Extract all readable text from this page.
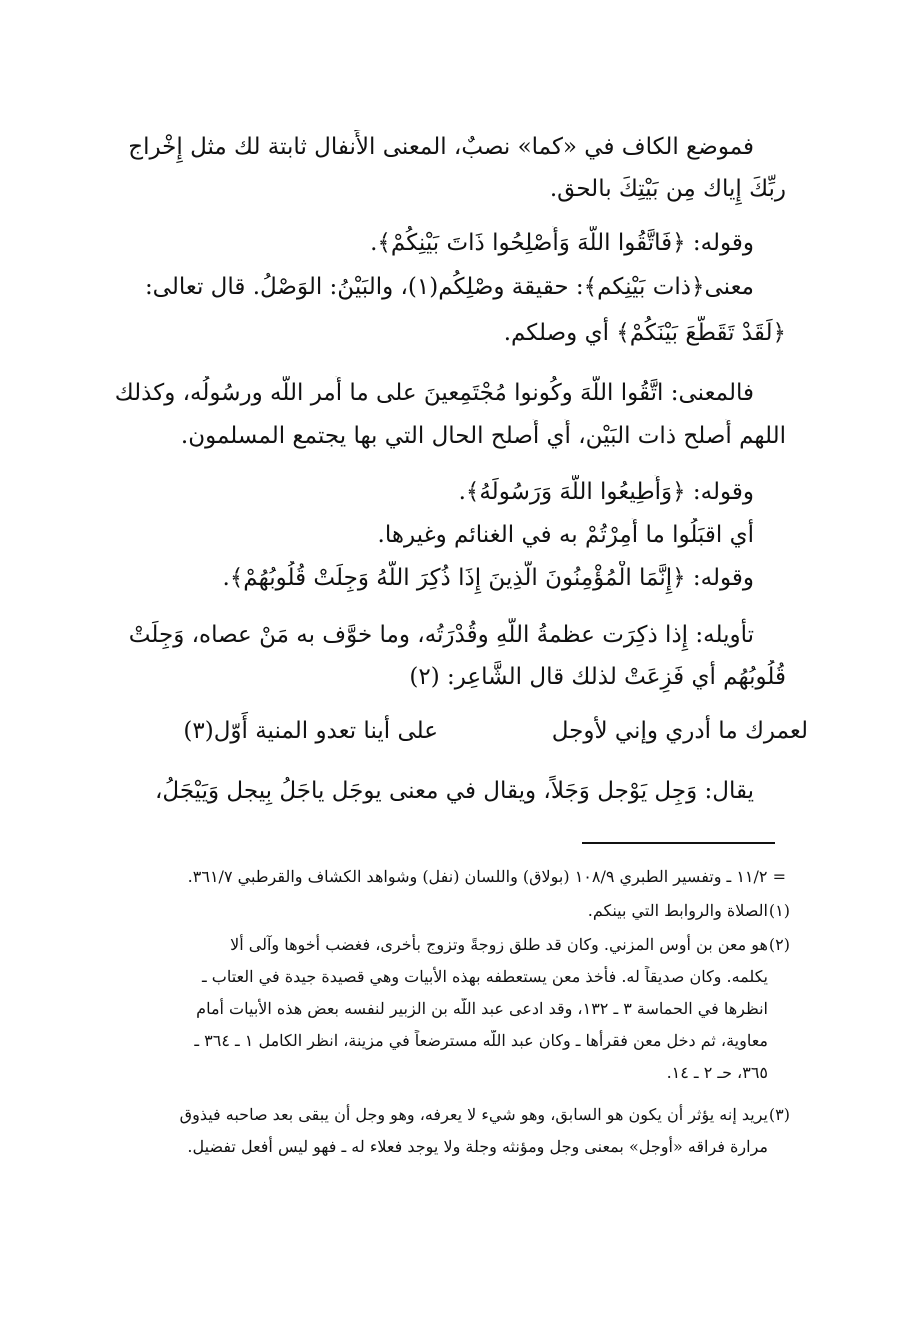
فموضع الكاف في «كما» نصبٌ، المعنى الأَنفال ثابتة لك مثل إِخْراج
ربِّكَ إِياك مِن بَيْتِكَ بالحق.
وقوله: ﴿فَاتَّقُوا اللَّهَ وَأَصْلِحُوا ذَاتَ بَيْنِكُمْ﴾.
معنى﴿ذات بَيْنِكم﴾: حقيقة وصْلِكُم(١)، والبَيْنُ: الوَصْلُ. قال تعالى:
﴿لَقَدْ تَقَطَّعَ بَيْنَكُمْ﴾ أي وصلكم.
فالمعنى: اتَّقُوا اللَّهَ وكُونوا مُجْتَمِعينَ على ما أَمر اللَّه ورسُولُه، وكذلك
اللهم أَصلح ذات البَيْن، أَي أَصلح الحال التي بها يجتمع المسلمون.
وقوله: ﴿وَأَطِيعُوا اللَّهَ وَرَسُولَهُ﴾.
أي اقبَلُوا ما أُمِرْتُمْ به في الغنائم وغيرها.
وقوله: ﴿إِنَّمَا الْمُؤْمِنُونَ الَّذِينَ إِذَا ذُكِرَ اللَّهُ وَجِلَتْ قُلُوبُهُمْ﴾.
تأْويله: إِذا ذكِرَت عظمةُ اللَّهِ وقُدْرَتُه، وما خوَّف به مَنْ عصاه، وَجِلَتْ
قُلُوبُهُم أي فَزِعَتْ لذلك قال الشَّاعِر: (٢)
لعمرك ما أدري وإني لأوجل
على أينا تعدو المنية أَوّل(٣)
يقال: وَجِل يَوْجل وَجَلاً، ويقال في معنى يوجَل ياجَلُ بِيجل وَيَيْجَلُ،
= ١١/٢ ـ وتفسير الطبري ١٠٨/٩ (بولاق) واللسان (نفل) وشواهد الكشاف والقرطبي ٣٦١/٧.
(١)
الصلاة والروابط التي بينكم.
(٢)
هو معن بن أوس المزني. وكان قد طلق زوجةً وتزوج بأخرى، فغضب أخوها وآلى ألا
يكلمه. وكان صديقاً له. فأخذ معن يستعطفه بهذه الأبيات وهي قصيدة جيدة في العتاب ـ
انظرها في الحماسة ٣ ـ ١٣٢، وقد ادعى عبد اللَّه بن الزبير لنفسه بعض هذه الأبيات أمام
معاوية، ثم دخل معن فقرأها ـ وكان عبد اللَّه مسترضعاً في مزينة، انظر الكامل ١ ـ ٣٦٤ ـ
٣٦٥، حـ ٢ ـ ١٤.
(٣)
يريد إنه يؤثر أن يكون هو السابق، وهو شيء لا يعرفه، وهو وجل أن يبقى بعد صاحبه فيذوق
مرارة فراقه «أوجل» بمعنى وجل ومؤنثه وجلة ولا يوجد فعلاء له ـ فهو ليس أفعل تفضيل.
